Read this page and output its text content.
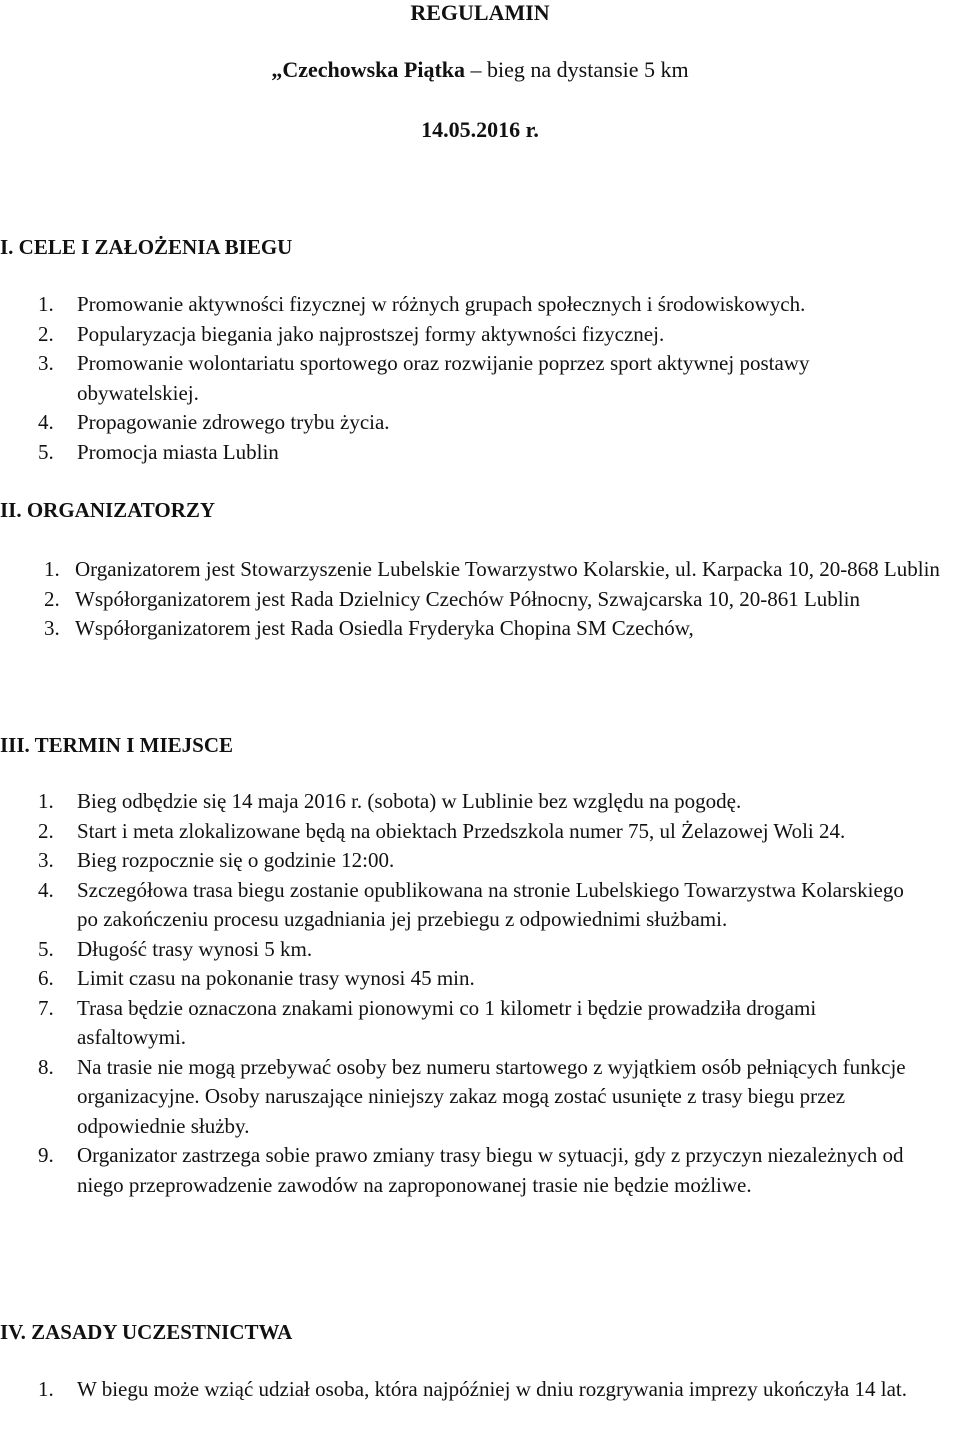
REGULAMIN
„Czechowska Piątka – bieg na dystansie 5 km
14.05.2016 r.
I. CELE I ZAŁOŻENIA BIEGU
1. Promowanie aktywności fizycznej w różnych grupach społecznych i środowiskowych.
2. Popularyzacja biegania jako najprostszej formy aktywności fizycznej.
3. Promowanie wolontariatu sportowego oraz rozwijanie poprzez sport aktywnej postawy obywatelskiej.
4. Propagowanie zdrowego trybu życia.
5. Promocja miasta Lublin
II. ORGANIZATORZY
1. Organizatorem jest Stowarzyszenie Lubelskie Towarzystwo Kolarskie, ul. Karpacka 10, 20-868 Lublin
2. Współorganizatorem jest Rada Dzielnicy Czechów Północny, Szwajcarska 10, 20-861 Lublin
3. Współorganizatorem jest Rada Osiedla Fryderyka Chopina SM Czechów,
III. TERMIN I MIEJSCE
1. Bieg odbędzie się 14 maja 2016 r. (sobota) w Lublinie bez względu na pogodę.
2. Start i meta zlokalizowane będą na obiektach Przedszkola numer 75, ul Żelazowej Woli 24.
3. Bieg rozpocznie się o godzinie 12:00.
4. Szczegółowa trasa biegu zostanie opublikowana na stronie Lubelskiego Towarzystwa Kolarskiego po zakończeniu procesu uzgadniania jej przebiegu z odpowiednimi służbami.
5. Długość trasy wynosi 5 km.
6. Limit czasu na pokonanie trasy wynosi 45 min.
7. Trasa będzie oznaczona znakami pionowymi co 1 kilometr i będzie prowadziła drogami asfaltowymi.
8. Na trasie nie mogą przebywać osoby bez numeru startowego z wyjątkiem osób pełniących funkcje organizacyjne. Osoby naruszające niniejszy zakaz mogą zostać usunięte z trasy biegu przez odpowiednie służby.
9. Organizator zastrzega sobie prawo zmiany trasy biegu w sytuacji, gdy z przyczyn niezależnych od niego przeprowadzenie zawodów na zaproponowanej trasie nie będzie możliwe.
IV. ZASADY UCZESTNICTWA
1. W biegu może wziąć udział osoba, która najpóźniej w dniu rozgrywania imprezy ukończyła 14 lat.
